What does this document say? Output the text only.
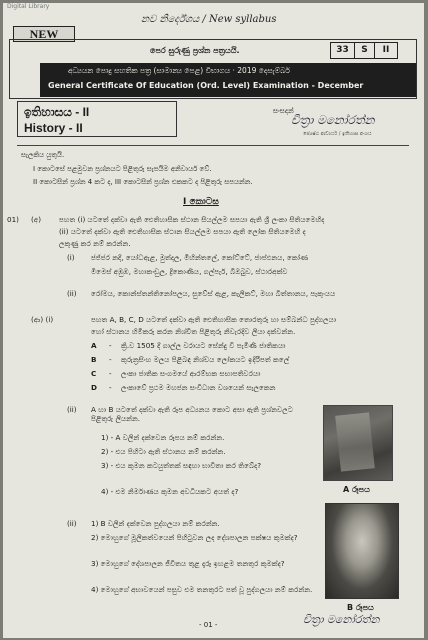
Digital Library
නව නිර්දේශය / New syllabus
NEW
පෙර සුරුණු ප්‍රශ්න පත්‍රයයි.	33	S	II
අධ්‍යයන පොදු සහතික පත්‍ර (සාමාන්‍ය පෙළ) විභාගය · 2019 දෙසැම්බර්
General Certificate Of Education (Ord. Level) Examination - December
ඉතිහාසය - II
History - II
සංසදන්
චිත්‍රා මනෝරත්න
ජ්‍යෙෂ්ඨ ආචාර්ය / ඉතිහාස අංශය
සැලකිය යුතුයි.
I කොටසේ පළමුවන ප්‍රශ්නයට පිළිතුරු සැපයීම අනිවාර්ය වේ.
II කොටසින් ප්‍රශ්න 4 කට ද, III කොටසින් ප්‍රශ්න එකකට ද පිළිතුරු සපයන්න.
I කොටස
01) (අ) පහත (i) යටතේ දක්වා ඇති ඓතිහාසික ස්ථාන සියල්ලම සපයා ඇති ශ්‍රී ලංකා සිතියමෙහිද
(ii) යටතේ දක්වා ඇති ඓතිහාසික ස්ථාන සියල්ලම සපයා ඇති ලෝක සිතියමෙහි ද
ලකුණු කර නම් කරන්න.
(i) ජජ්ජර නදී, යෝධඇළ, මුත්දල, මිහින්තලේ, කෝට්ටේ, ජාප්ඵනය, කෝණ
මීමෙස් අඹුඹ, මහාකංඩුල, ද්‍රිකොණිය, ගල්පැර්, බිඔබුව, ස්ථාරඅක්ව
(ii) රෝමය, කොන්ස්තන්තිනෝපලය, සුවේස් ඇළ, කැලිකට්, මහා බිත්තානය, පැකුංයය
(ආ) (i)	පහත A, B, C, D යටතේ දක්වා ඇති ඓතිහාසික තොරතුරු හා සම්බන්ධ පුද්ගලයා
හෝ ස්ථානය හිමිකරු කරන නිශ්චිත පිළිතුරු නිවැරදිව ලියා දක්වන්න.
A - ක්‍රි.ව 1505 දී ගාල්ල වරායට සේන්දු වී පැමිණි ජාතිකයා
B - කුරුන්‍රසිංහ මලය පිළිබඳ නිශ්චය ලෝකයට ඉදිරිපත් කලේ
C - ලංකා ජාතික සංගමයේ ආරම්භක සභාපතිවරයා
D - ලංකාවේ ප්‍රථම මහජන සංවිධාන වශයෙන් සැලකෙන
(ii) A හා B යටතේ දක්වා ඇති රූප අධ්‍යනය කොට අසා ඇති ප්‍රශ්නවලට පිළිතුරු ලියන්න.
1) - A වලින් දක්වෙන රූපය නම් කරන්න.
2) - එය පිහිටා ඇති ස්ථානය නම් කරන්න.
3) - එය කුමන කටයුත්තක් සඳහා භාවිතා කර තිබේද?
4) - එම නිර්මාණය කුමන අවධියකට අයත් ද?	A රූපය
(ii) 1) B වලින් දක්වෙන පුද්ගලයා නම් කරන්න.
2) මොහුගේ මූලිකත්වයෙන් පිහිටුවන ලද දේශපාලන පක්ෂය කුමක්ද?
3) මොහුගේ දේශපාලන ජීවිතය තුළ දැරූ ඉහළම තනතුර කුමක්ද?
4) මොහුගේ අභාවයෙන් පසුව එම තනතුරට පත් වූ පුද්ගලයා නම් කරන්න.
B රූපය
- 01 -	චිත්‍රා මනෝරත්න
